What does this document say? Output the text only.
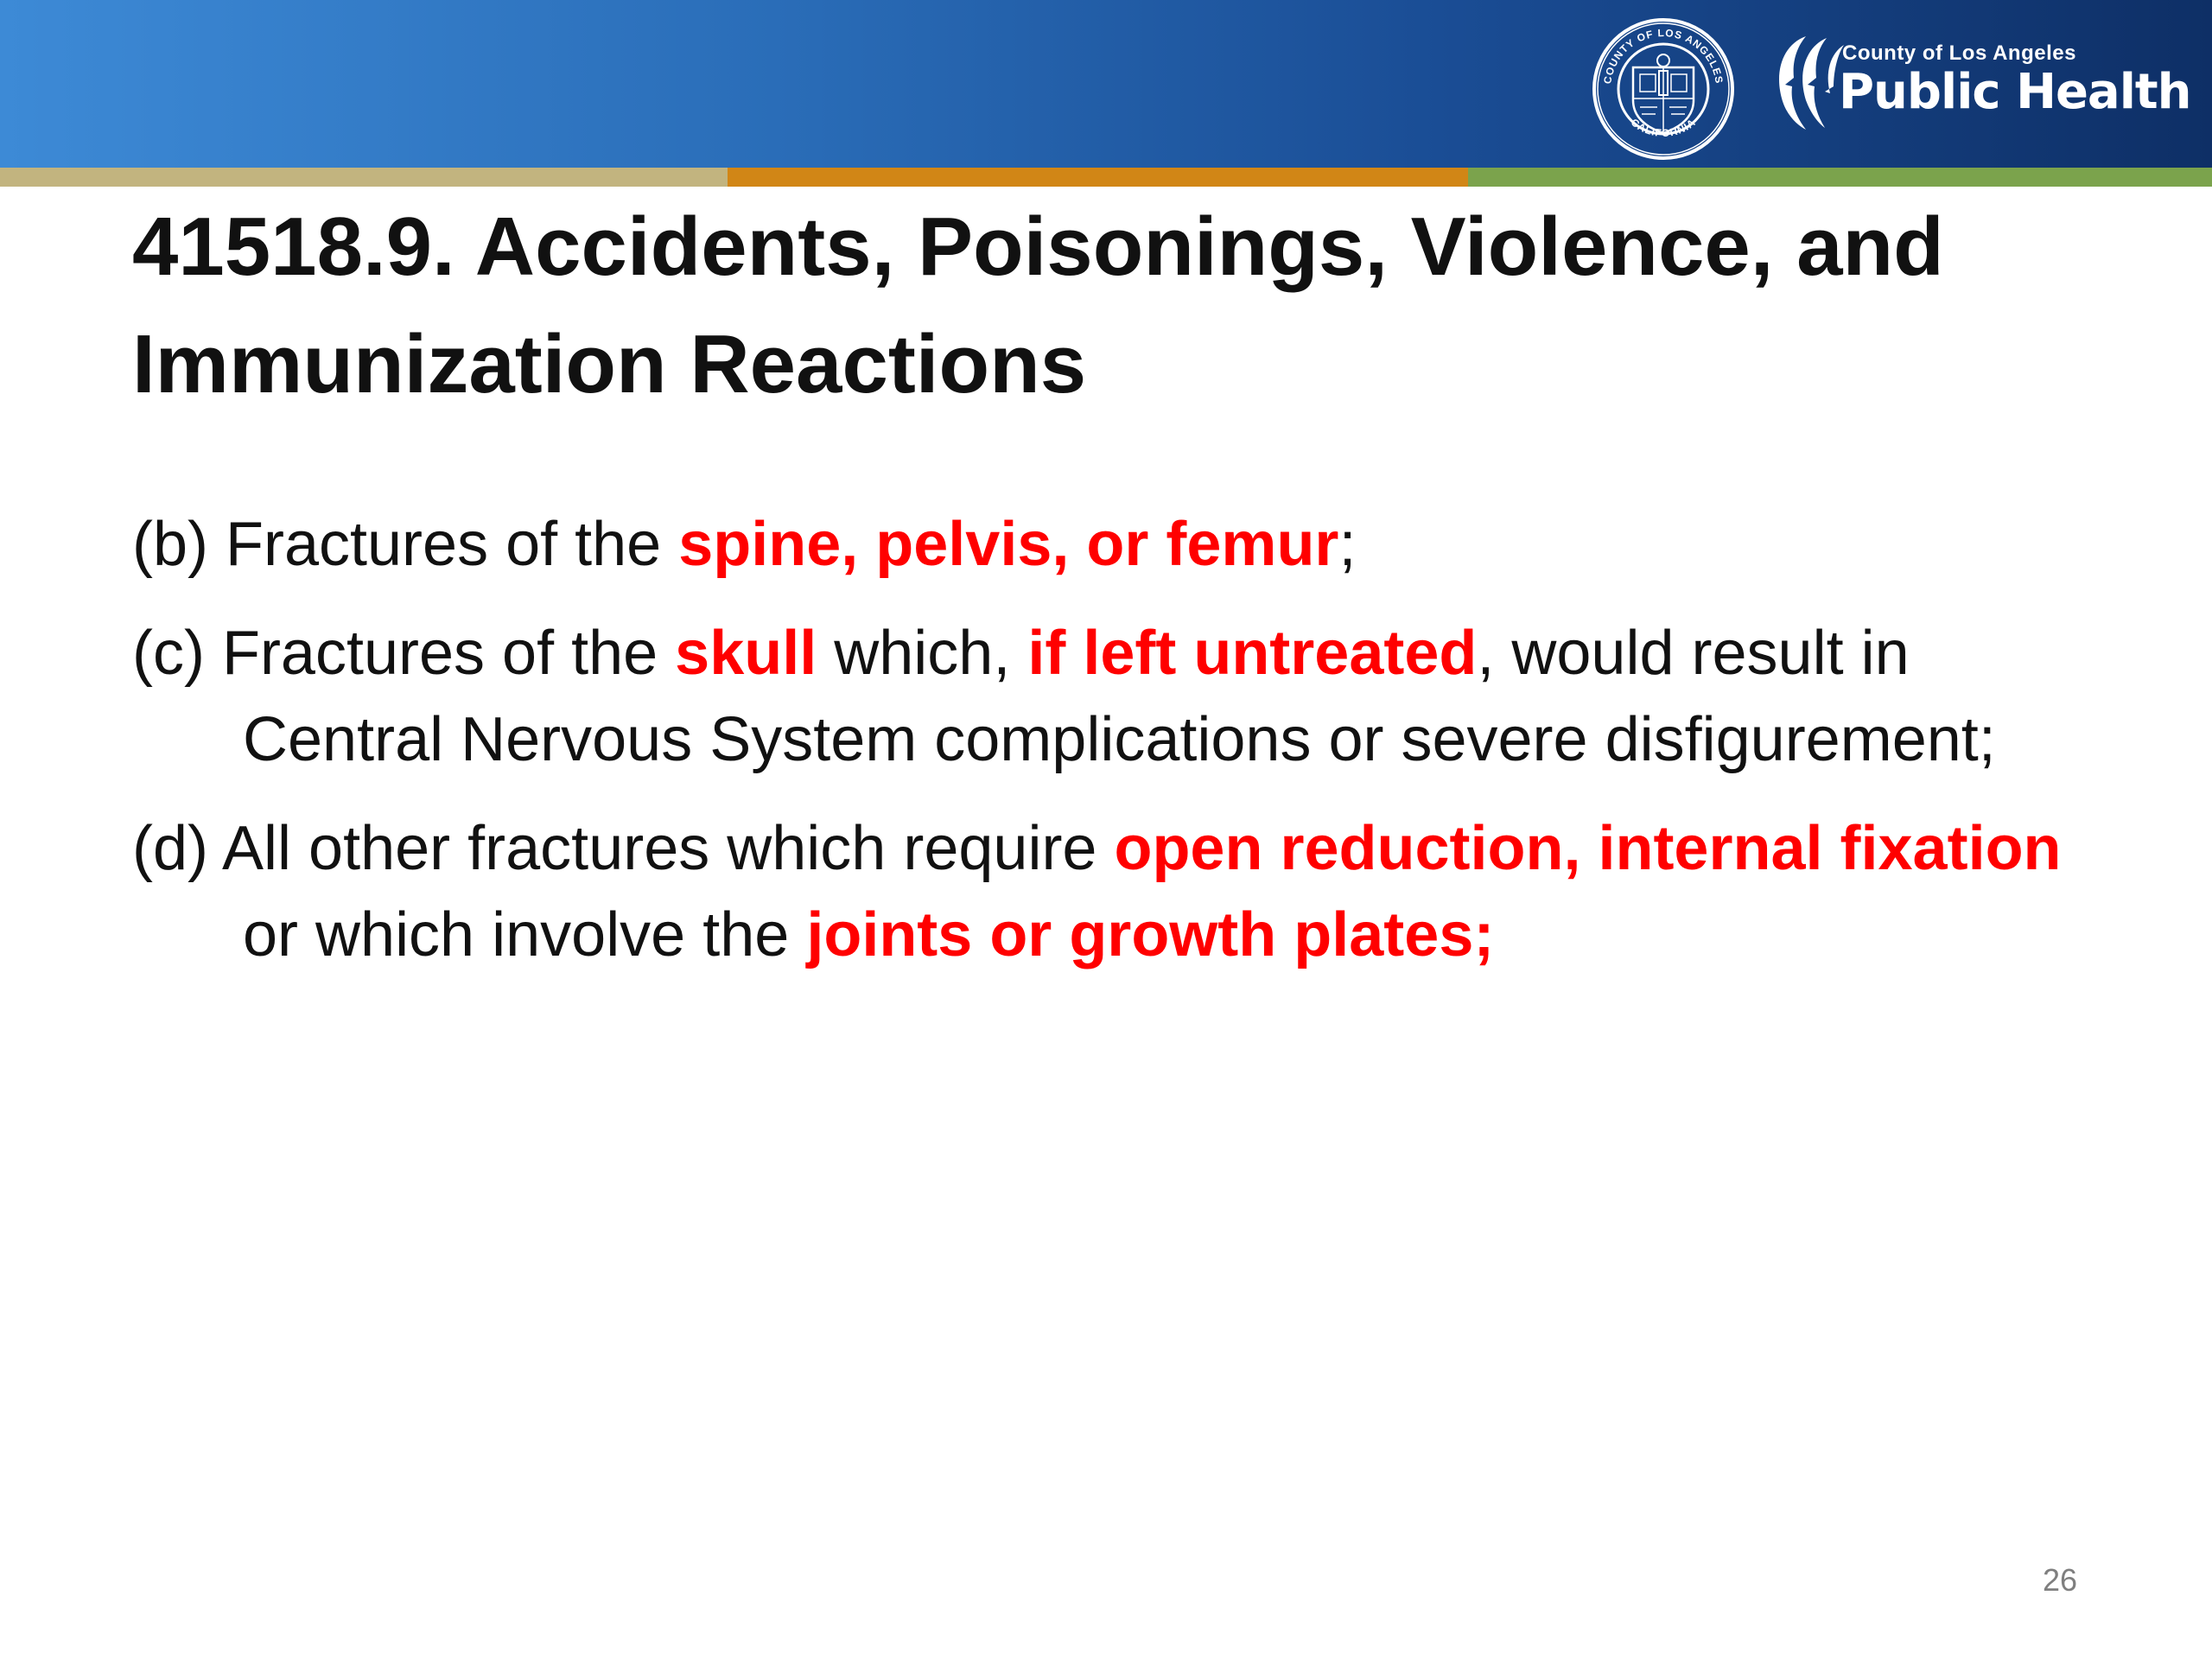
COUNTY OF LOS ANGELES
CALIFORNIA
County of Los Angeles
Public Health
41518.9. Accidents, Poisonings, Violence, and Immunization Reactions

(b) Fractures of the spine, pelvis, or femur;

(c) Fractures of the skull which, if left untreated, would result in Central Nervous System complications or severe disfigurement;

(d) All other fractures which require open reduction, internal fixation or which involve the joints or growth plates;

26
